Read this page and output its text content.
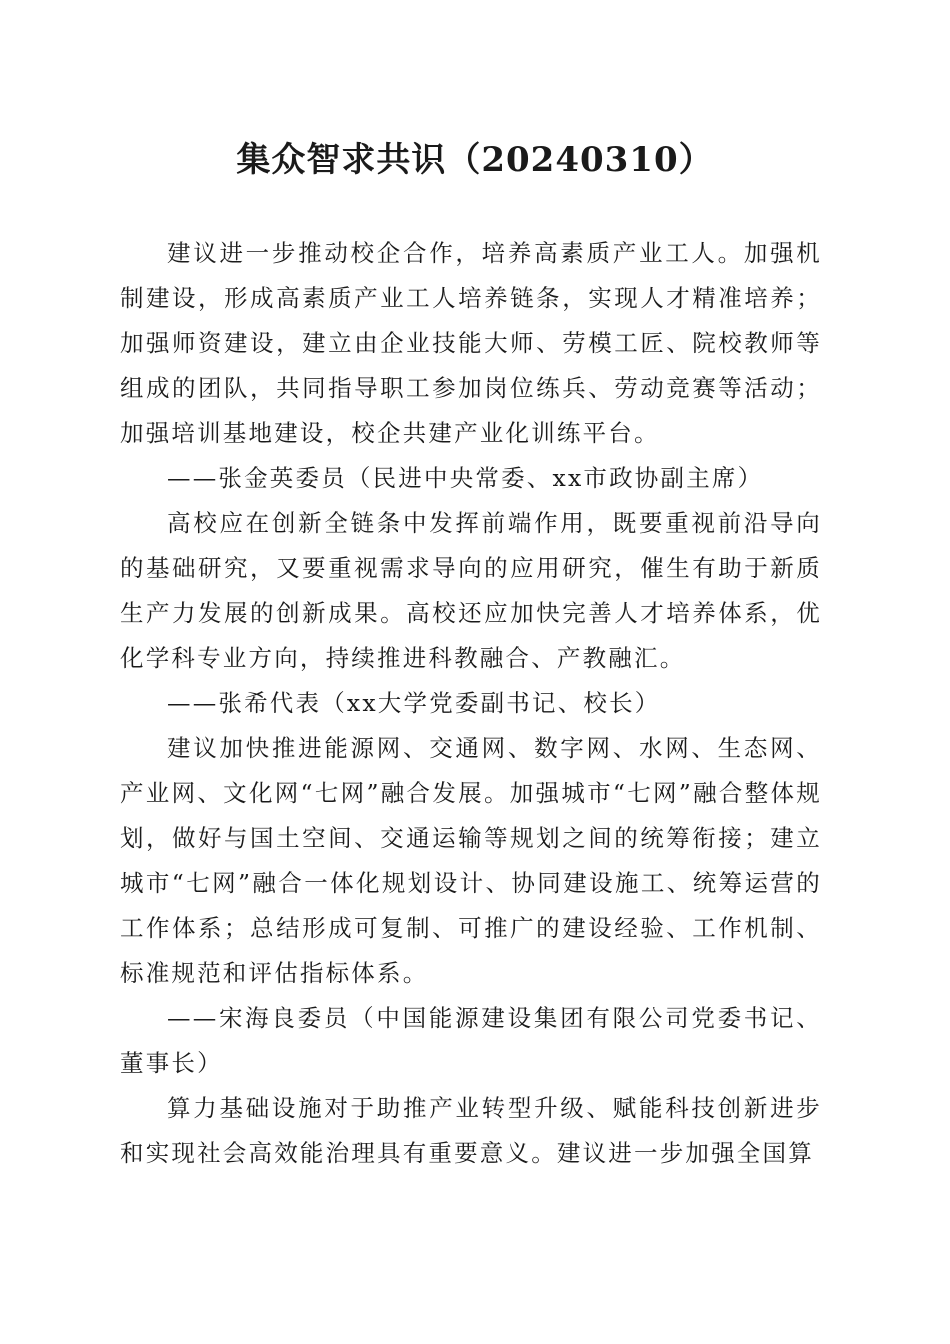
集众智求共识（20240310）

建议进一步推动校企合作，培养高素质产业工人。加强机制建设，形成高素质产业工人培养链条，实现人才精准培养；加强师资建设，建立由企业技能大师、劳模工匠、院校教师等组成的团队，共同指导职工参加岗位练兵、劳动竞赛等活动；加强培训基地建设，校企共建产业化训练平台。

——张金英委员（民进中央常委、xx市政协副主席）

高校应在创新全链条中发挥前端作用，既要重视前沿导向的基础研究，又要重视需求导向的应用研究，催生有助于新质生产力发展的创新成果。高校还应加快完善人才培养体系，优化学科专业方向，持续推进科教融合、产教融汇。

——张希代表（xx大学党委副书记、校长）

建议加快推进能源网、交通网、数字网、水网、生态网、产业网、文化网“七网”融合发展。加强城市“七网”融合整体规划，做好与国土空间、交通运输等规划之间的统筹衔接；建立城市“七网”融合一体化规划设计、协同建设施工、统筹运营的工作体系；总结形成可复制、可推广的建设经验、工作机制、标准规范和评估指标体系。

——宋海良委员（中国能源建设集团有限公司党委书记、董事长）

算力基础设施对于助推产业转型升级、赋能科技创新进步和实现社会高效能治理具有重要意义。建议进一步加强全国算
